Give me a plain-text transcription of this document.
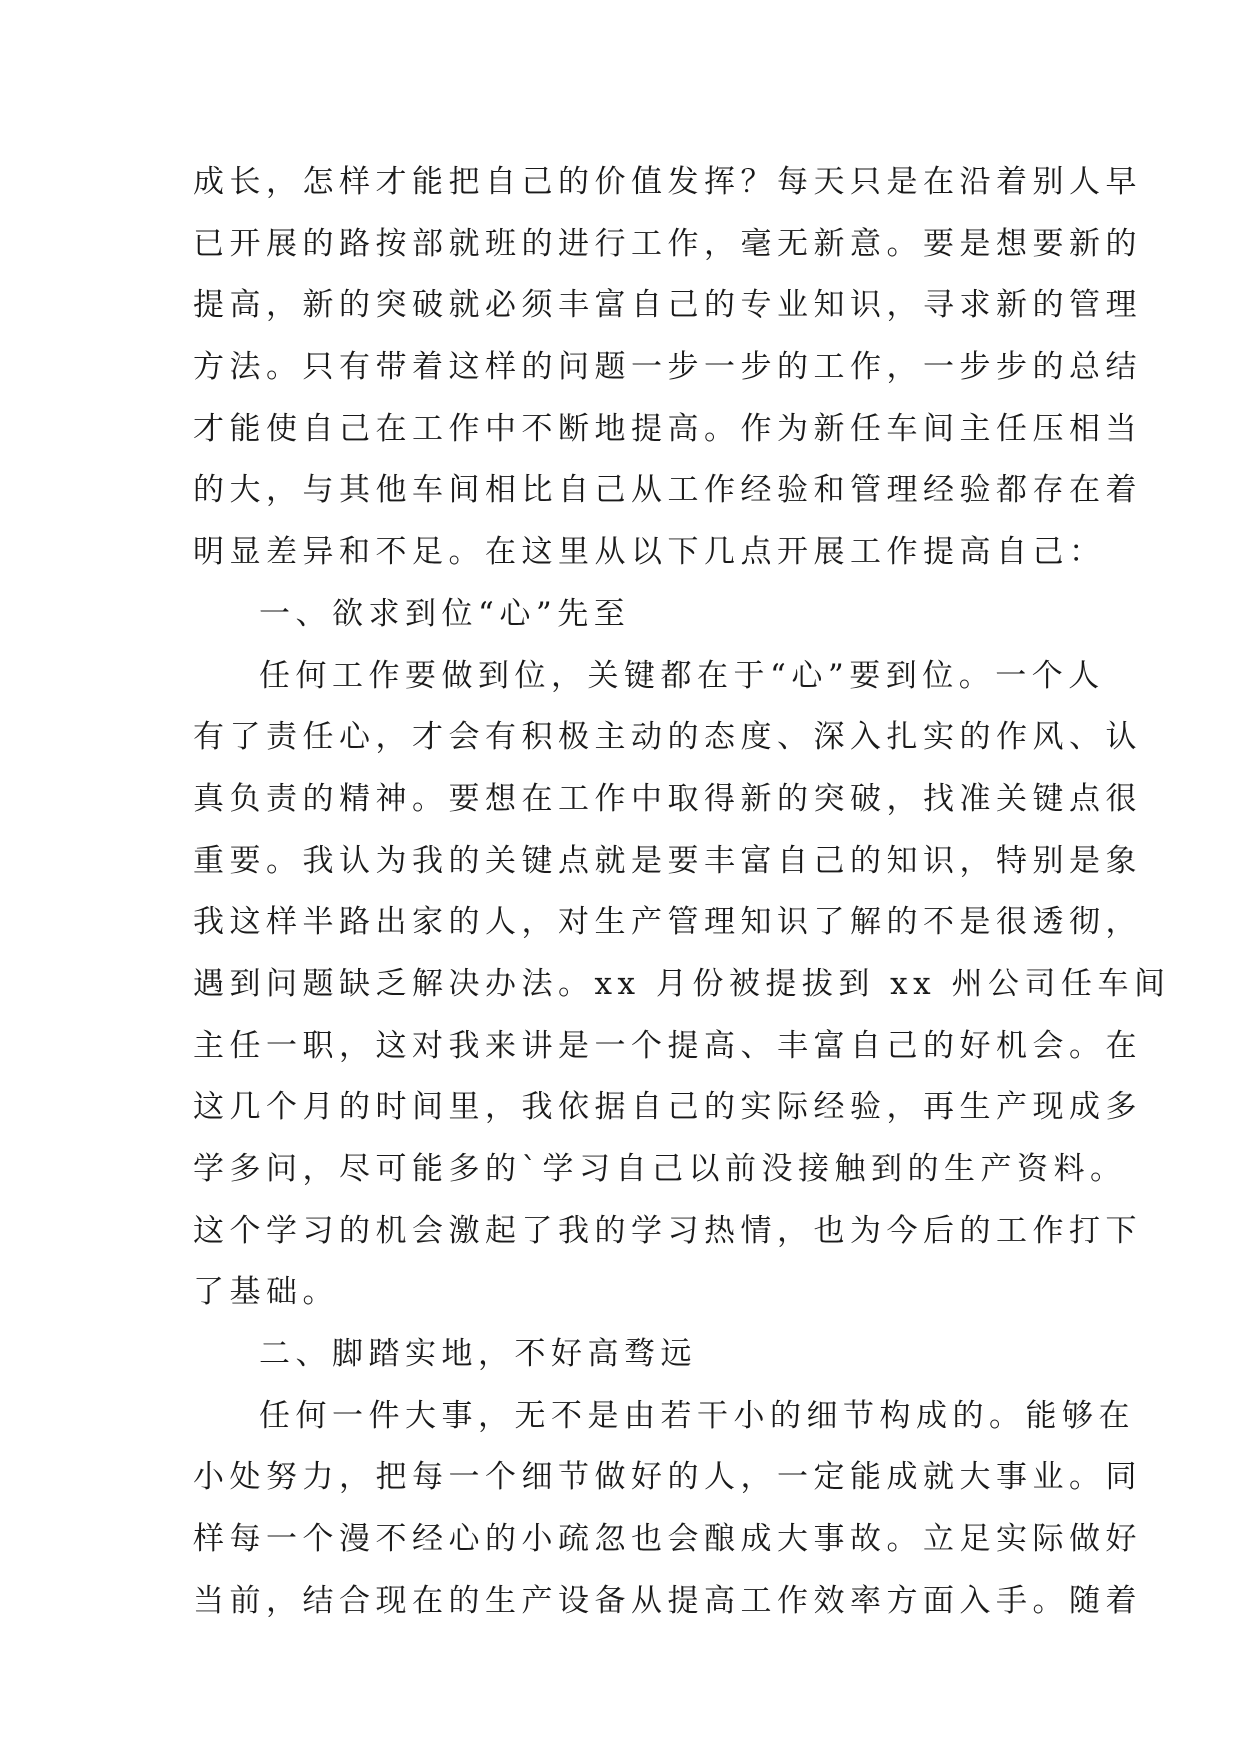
成长，怎样才能把自己的价值发挥？每天只是在沿着别人早

已开展的路按部就班的进行工作，毫无新意。要是想要新的

提高，新的突破就必须丰富自己的专业知识，寻求新的管理

方法。只有带着这样的问题一步一步的工作，一步步的总结

才能使自己在工作中不断地提高。作为新任车间主任压相当

的大，与其他车间相比自己从工作经验和管理经验都存在着

明显差异和不足。在这里从以下几点开展工作提高自己：

一、欲求到位“心”先至

任何工作要做到位，关键都在于“心”要到位。一个人

有了责任心，才会有积极主动的态度、深入扎实的作风、认

真负责的精神。要想在工作中取得新的突破，找准关键点很

重要。我认为我的关键点就是要丰富自己的知识，特别是象

我这样半路出家的人，对生产管理知识了解的不是很透彻，

遇到问题缺乏解决办法。xx 月份被提拔到 xx 州公司任车间

主任一职，这对我来讲是一个提高、丰富自己的好机会。在

这几个月的时间里，我依据自己的实际经验，再生产现成多

学多问，尽可能多的`学习自己以前没接触到的生产资料。

这个学习的机会激起了我的学习热情，也为今后的工作打下

了基础。

二、脚踏实地，不好高骛远

任何一件大事，无不是由若干小的细节构成的。能够在

小处努力，把每一个细节做好的人，一定能成就大事业。同

样每一个漫不经心的小疏忽也会酿成大事故。立足实际做好

当前，结合现在的生产设备从提高工作效率方面入手。随着
